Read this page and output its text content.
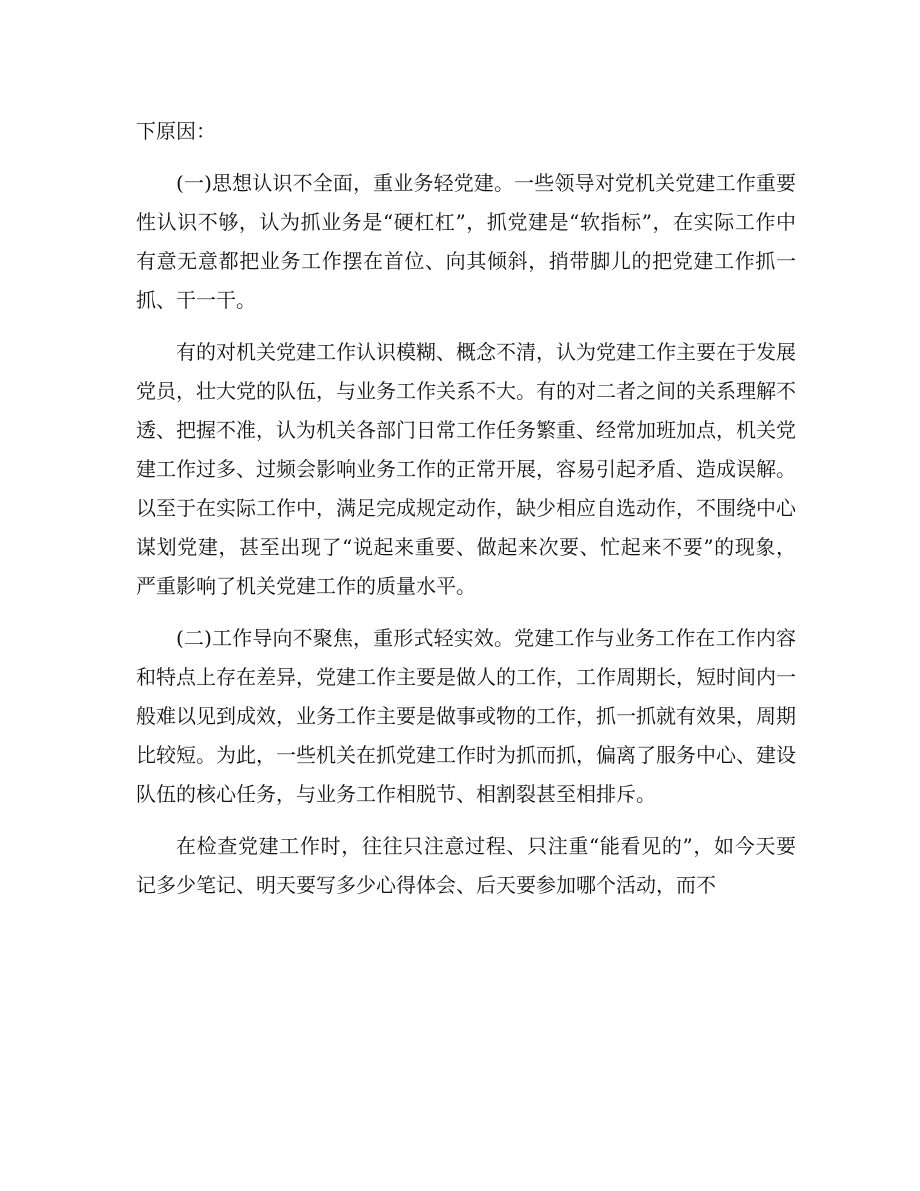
下原因：

(一)思想认识不全面，重业务轻党建。一些领导对党机关党建工作重要性认识不够，认为抓业务是“硬杠杠”，抓党建是“软指标”，在实际工作中有意无意都把业务工作摆在首位、向其倾斜，捎带脚儿的把党建工作抓一抓、干一干。

有的对机关党建工作认识模糊、概念不清，认为党建工作主要在于发展党员，壮大党的队伍，与业务工作关系不大。有的对二者之间的关系理解不透、把握不准，认为机关各部门日常工作任务繁重、经常加班加点，机关党建工作过多、过频会影响业务工作的正常开展，容易引起矛盾、造成误解。以至于在实际工作中，满足完成规定动作，缺少相应自选动作，不围绕中心谋划党建，甚至出现了“说起来重要、做起来次要、忙起来不要”的现象，严重影响了机关党建工作的质量水平。

(二)工作导向不聚焦，重形式轻实效。党建工作与业务工作在工作内容和特点上存在差异，党建工作主要是做人的工作，工作周期长，短时间内一般难以见到成效，业务工作主要是做事或物的工作，抓一抓就有效果，周期比较短。为此，一些机关在抓党建工作时为抓而抓，偏离了服务中心、建设队伍的核心任务，与业务工作相脱节、相割裂甚至相排斥。

在检查党建工作时，往往只注意过程、只注重“能看见的”，如今天要记多少笔记、明天要写多少心得体会、后天要参加哪个活动，而不
